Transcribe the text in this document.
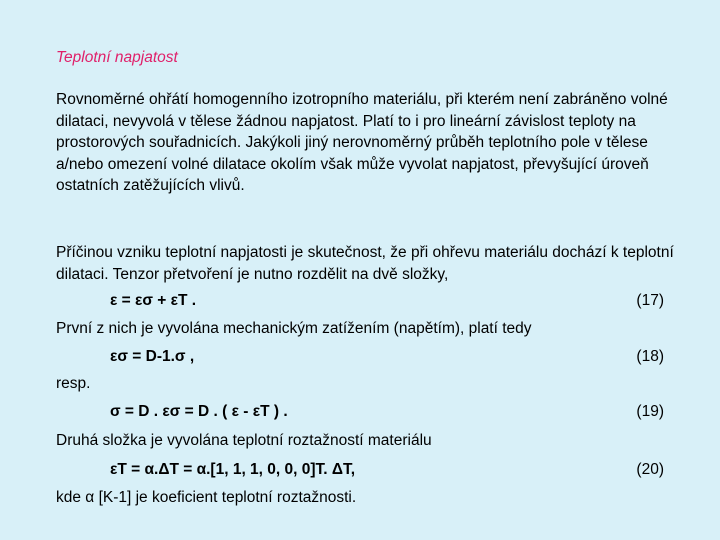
Teplotní napjatost
Rovnoměrné ohřátí homogenního izotropního materiálu, při kterém není zabráněno volné dilataci, nevyvolá v tělese žádnou napjatost. Platí to i pro lineární závislost teploty na prostorových souřadnicích. Jakýkoli jiný nerovnoměrný průběh teplotního pole v tělese a/nebo omezení volné dilatace okolím však může vyvolat napjatost, převyšující úroveň ostatních zatěžujících vlivů.
Příčinou vzniku teplotní napjatosti je skutečnost, že při ohřevu materiálu dochází k teplotní dilataci. Tenzor přetvoření je nutno rozdělit na dvě složky,
ε = εσ + εT .	(17)
První z nich je vyvolána mechanickým zatížením (napětím), platí tedy
εσ = D-1.σ ,	(18)
resp.
σ = D . εσ = D . ( ε - εT ) .	(19)
Druhá složka je vyvolána teplotní roztažností materiálu
εT = α.ΔT = α.[1, 1, 1, 0, 0, 0]T. ΔT,	(20)
kde α [K-1] je koeficient teplotní roztažnosti.
